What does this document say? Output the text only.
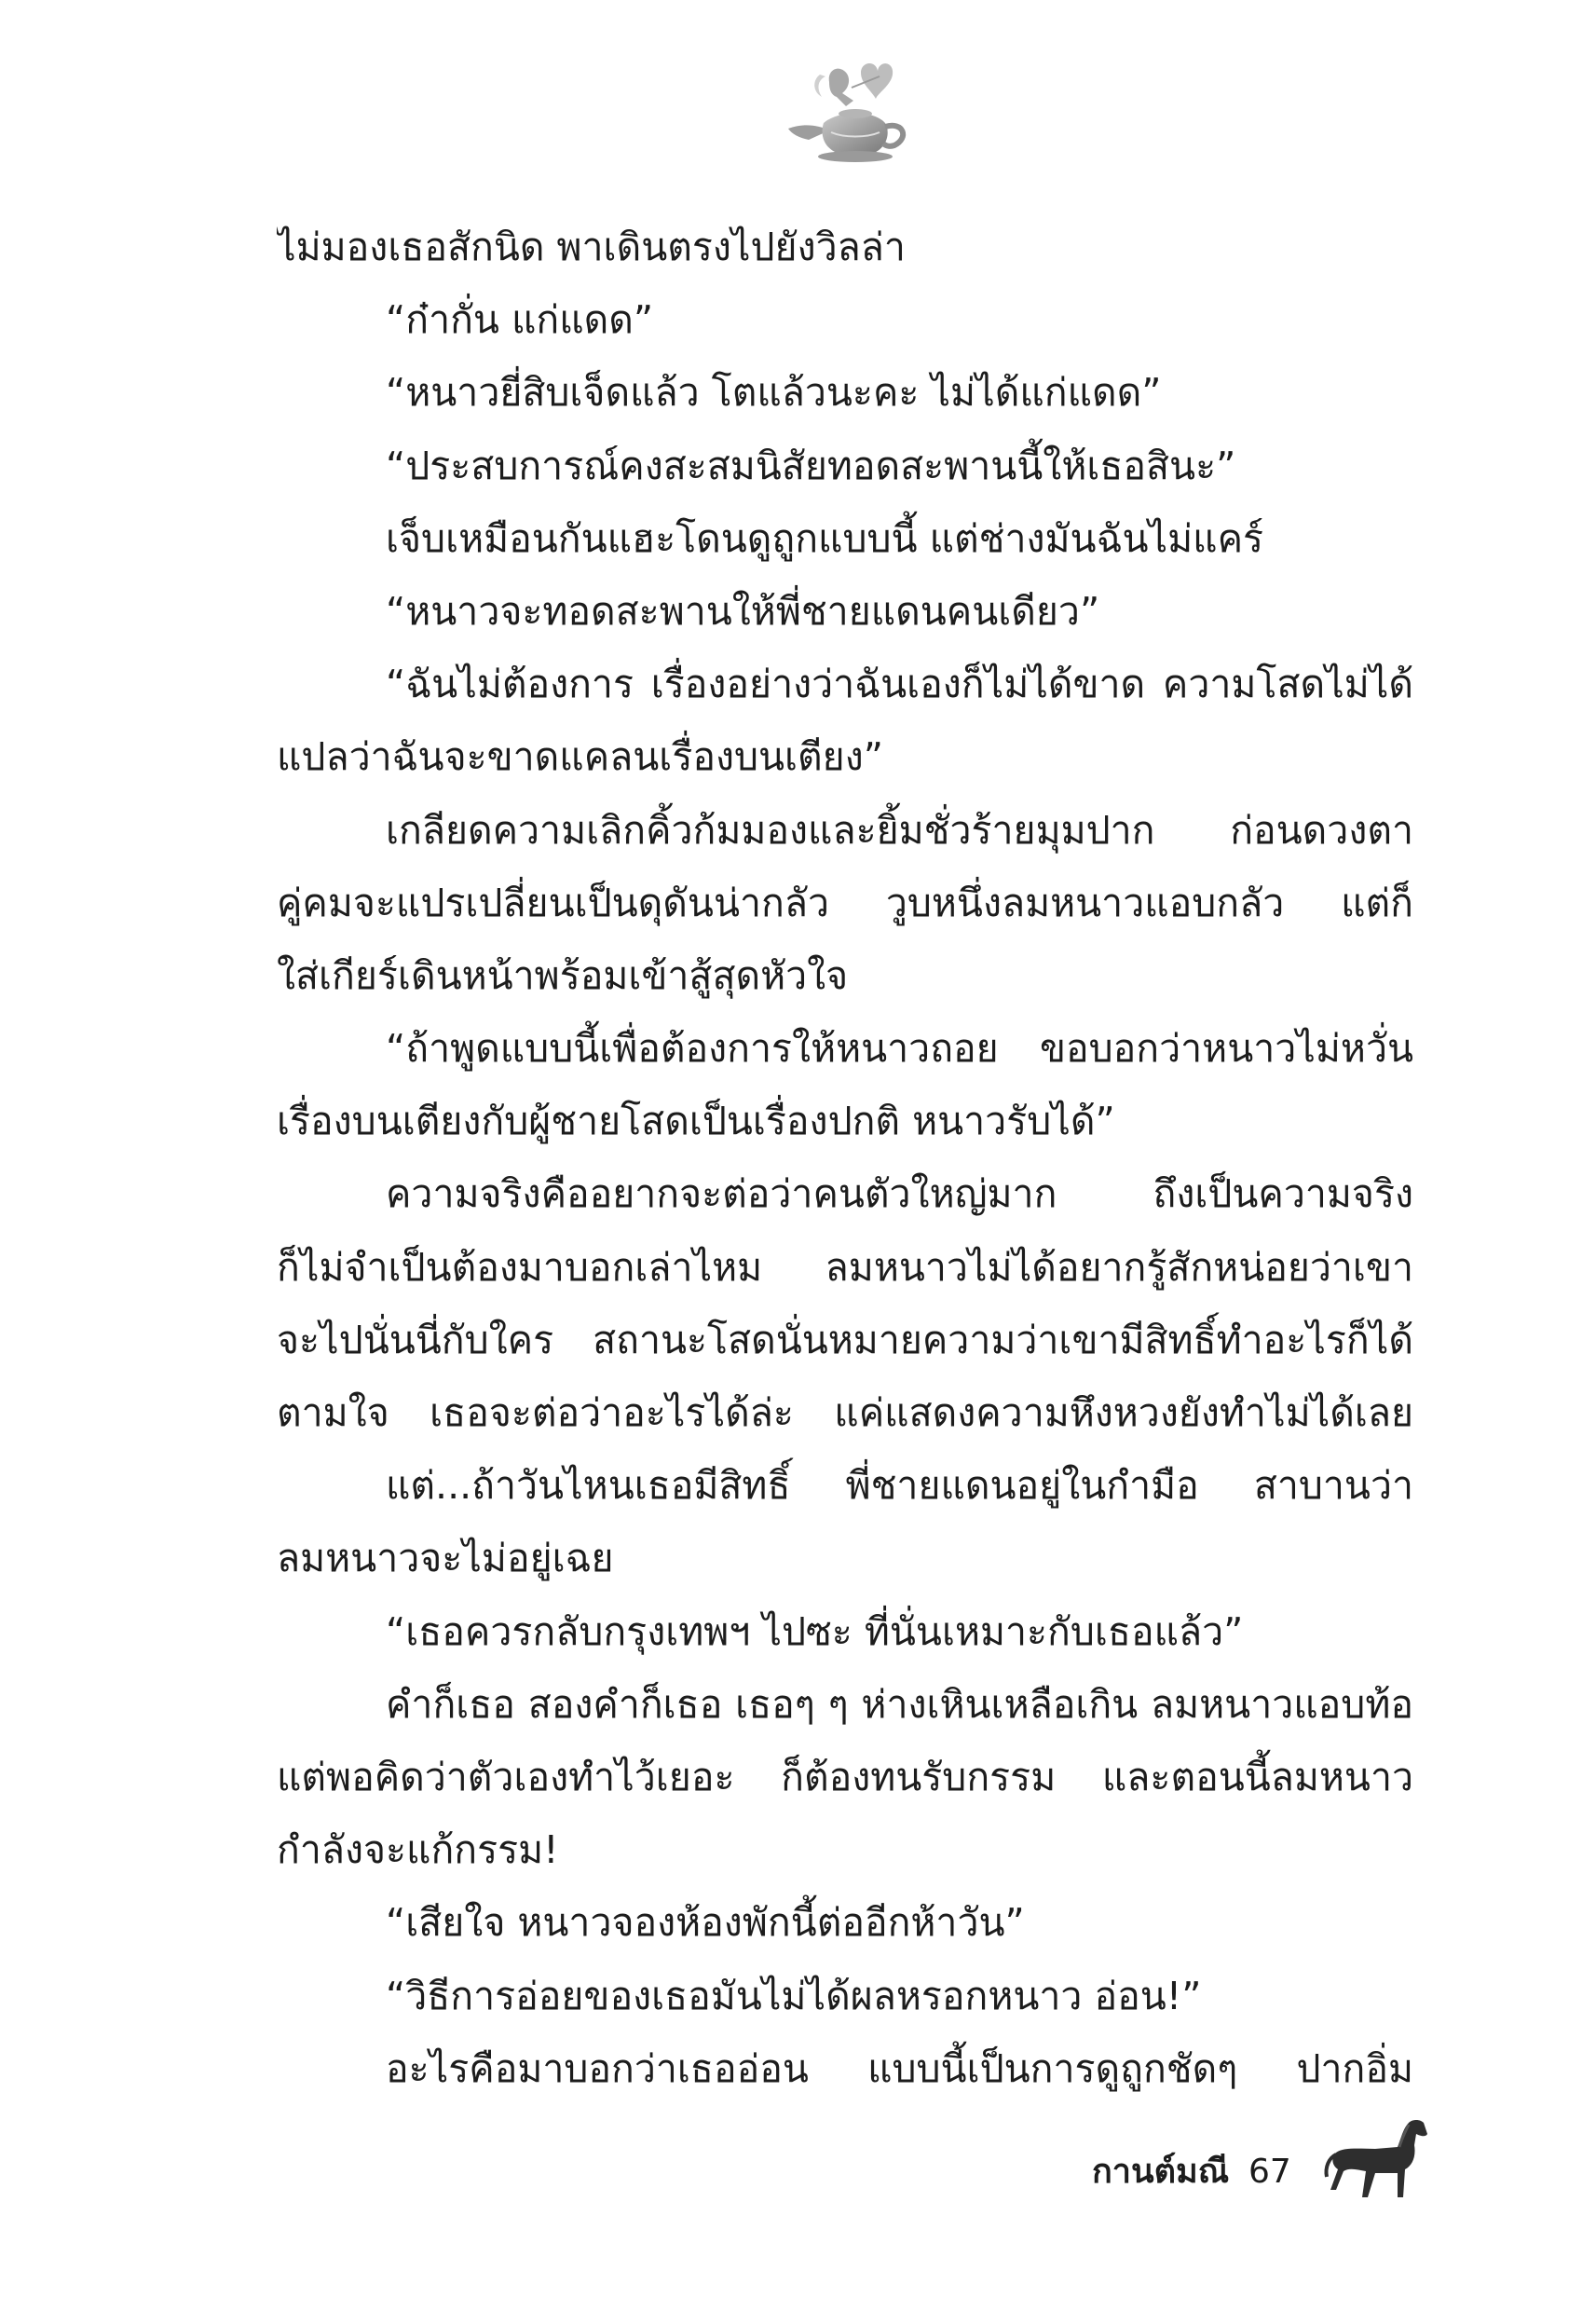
ไม่มองเธอสักนิด พาเดินตรงไปยังวิลล่า
“ก๋ากั่น แก่แดด”
“หนาวยี่สิบเจ็ดแล้ว โตแล้วนะคะ ไม่ได้แก่แดด”
“ประสบการณ์คงสะสมนิสัยทอดสะพานนี้ให้เธอสินะ”
เจ็บเหมือนกันแฮะโดนดูถูกแบบนี้ แต่ช่างมันฉันไม่แคร์
“หนาวจะทอดสะพานให้พี่ชายแดนคนเดียว”
“ฉันไม่ต้องการ เรื่องอย่างว่าฉันเองก็ไม่ได้ขาด ความโสดไม่ได้
แปลว่าฉันจะขาดแคลนเรื่องบนเตียง”
เกลียดความเลิกคิ้วก้มมองและยิ้มชั่วร้ายมุมปาก ก่อนดวงตา
คู่คมจะแปรเปลี่ยนเป็นดุดันน่ากลัว วูบหนึ่งลมหนาวแอบกลัว แต่ก็
ใส่เกียร์เดินหน้าพร้อมเข้าสู้สุดหัวใจ
“ถ้าพูดแบบนี้เพื่อต้องการให้หนาวถอย ขอบอกว่าหนาวไม่หวั่น
เรื่องบนเตียงกับผู้ชายโสดเป็นเรื่องปกติ หนาวรับได้”
ความจริงคืออยากจะต่อว่าคนตัวใหญ่มาก ถึงเป็นความจริง
ก็ไม่จำเป็นต้องมาบอกเล่าไหม ลมหนาวไม่ได้อยากรู้สักหน่อยว่าเขา
จะไปนั่นนี่กับใคร สถานะโสดนั่นหมายความว่าเขามีสิทธิ์ทำอะไรก็ได้
ตามใจ เธอจะต่อว่าอะไรได้ล่ะ แค่แสดงความหึงหวงยังทำไม่ได้เลย
แต่...ถ้าวันไหนเธอมีสิทธิ์ พี่ชายแดนอยู่ในกำมือ สาบานว่า
ลมหนาวจะไม่อยู่เฉย
“เธอควรกลับกรุงเทพฯ ไปซะ ที่นั่นเหมาะกับเธอแล้ว”
คำก็เธอ สองคำก็เธอ เธอๆ ๆ ห่างเหินเหลือเกิน ลมหนาวแอบท้อ
แต่พอคิดว่าตัวเองทำไว้เยอะ ก็ต้องทนรับกรรม และตอนนี้ลมหนาว
กำลังจะแก้กรรม!
“เสียใจ หนาวจองห้องพักนี้ต่ออีกห้าวัน”
“วิธีการอ่อยของเธอมันไม่ได้ผลหรอกหนาว อ่อน!”
อะไรคือมาบอกว่าเธออ่อน แบบนี้เป็นการดูถูกชัดๆ ปากอิ่ม
กานต์มณี 67
